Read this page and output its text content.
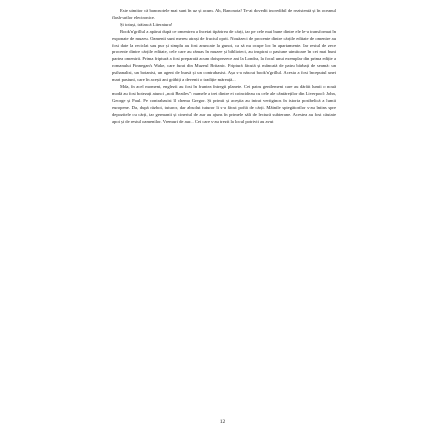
Este uimitor că bancnotele mai sunt în uz și acum. Ah, Bancnota! Te-ai dovedit incredibil de rezistentă și în oceanul flash-urilor electronice.

Și totuși, trăiască Literatura!

Book'n'grillul a apărut după ce omenirea a încetat tipărirea de cărți, iar pe cele mai bune dintre ele le-a transformat în exponate de muzeu. Oamenii sunt mereu atrași de fructul oprit. Nouăzeci de procente dintre cărțile editate de omenire au fost date la reciclat sau pur și simplu au fost aruncate la gunoi, ca să nu ocupe loc în apartamente. Iar restul de zece procente dintre cărțile editate, cele care au rămas în muzee și biblioteci, au inspirat o pasiune uimitoare în cei mai buni partea omenirii. Prima friptură a fost preparată acum doisprezece ani la Londra, la focul unui exemplar din prima ediție a romanului Finnegan's Wake, care furat din Muzeul Britanic. Friptură făcută și mâncată de patru bărbați de seamă: un psihanalist, un botanist, un agent de bursă și un contrabasist. Așa s-a născut book'n'grillul. Acesta a fost începutul unei mari pasiuni, care în acești ani grăbiți a devenit o tradiție măreață...

Mda, în acel moment, englezii au fost în fruntea întregii planete. Cei patru gentlemeni care au dărâit lumii o nouă modă au fost botezați atunci „noii Beatles”: numele a trei dintre ei coincideau cu cele ale cântăreților din Liverpool: John, George și Paul. Pe contrabasist îl chema Gregor. Și primii și aceștia au intrat vertiginos în istoria postbelică a lumii europene. Da, după război, tuturor, dar absolut tuturor li s-a făcut poftă de cărți. Mâinile spiegătorilor s-au întins spre depozitele cu cărți, iar germanii și cineriul de aur au ajuns în primele săli de lectură subterane. Acestea au fost căutate apoi și de restul oamenilor. Vremuri de aur... Cei care s-au trezit la locul potrivit au avut

12
